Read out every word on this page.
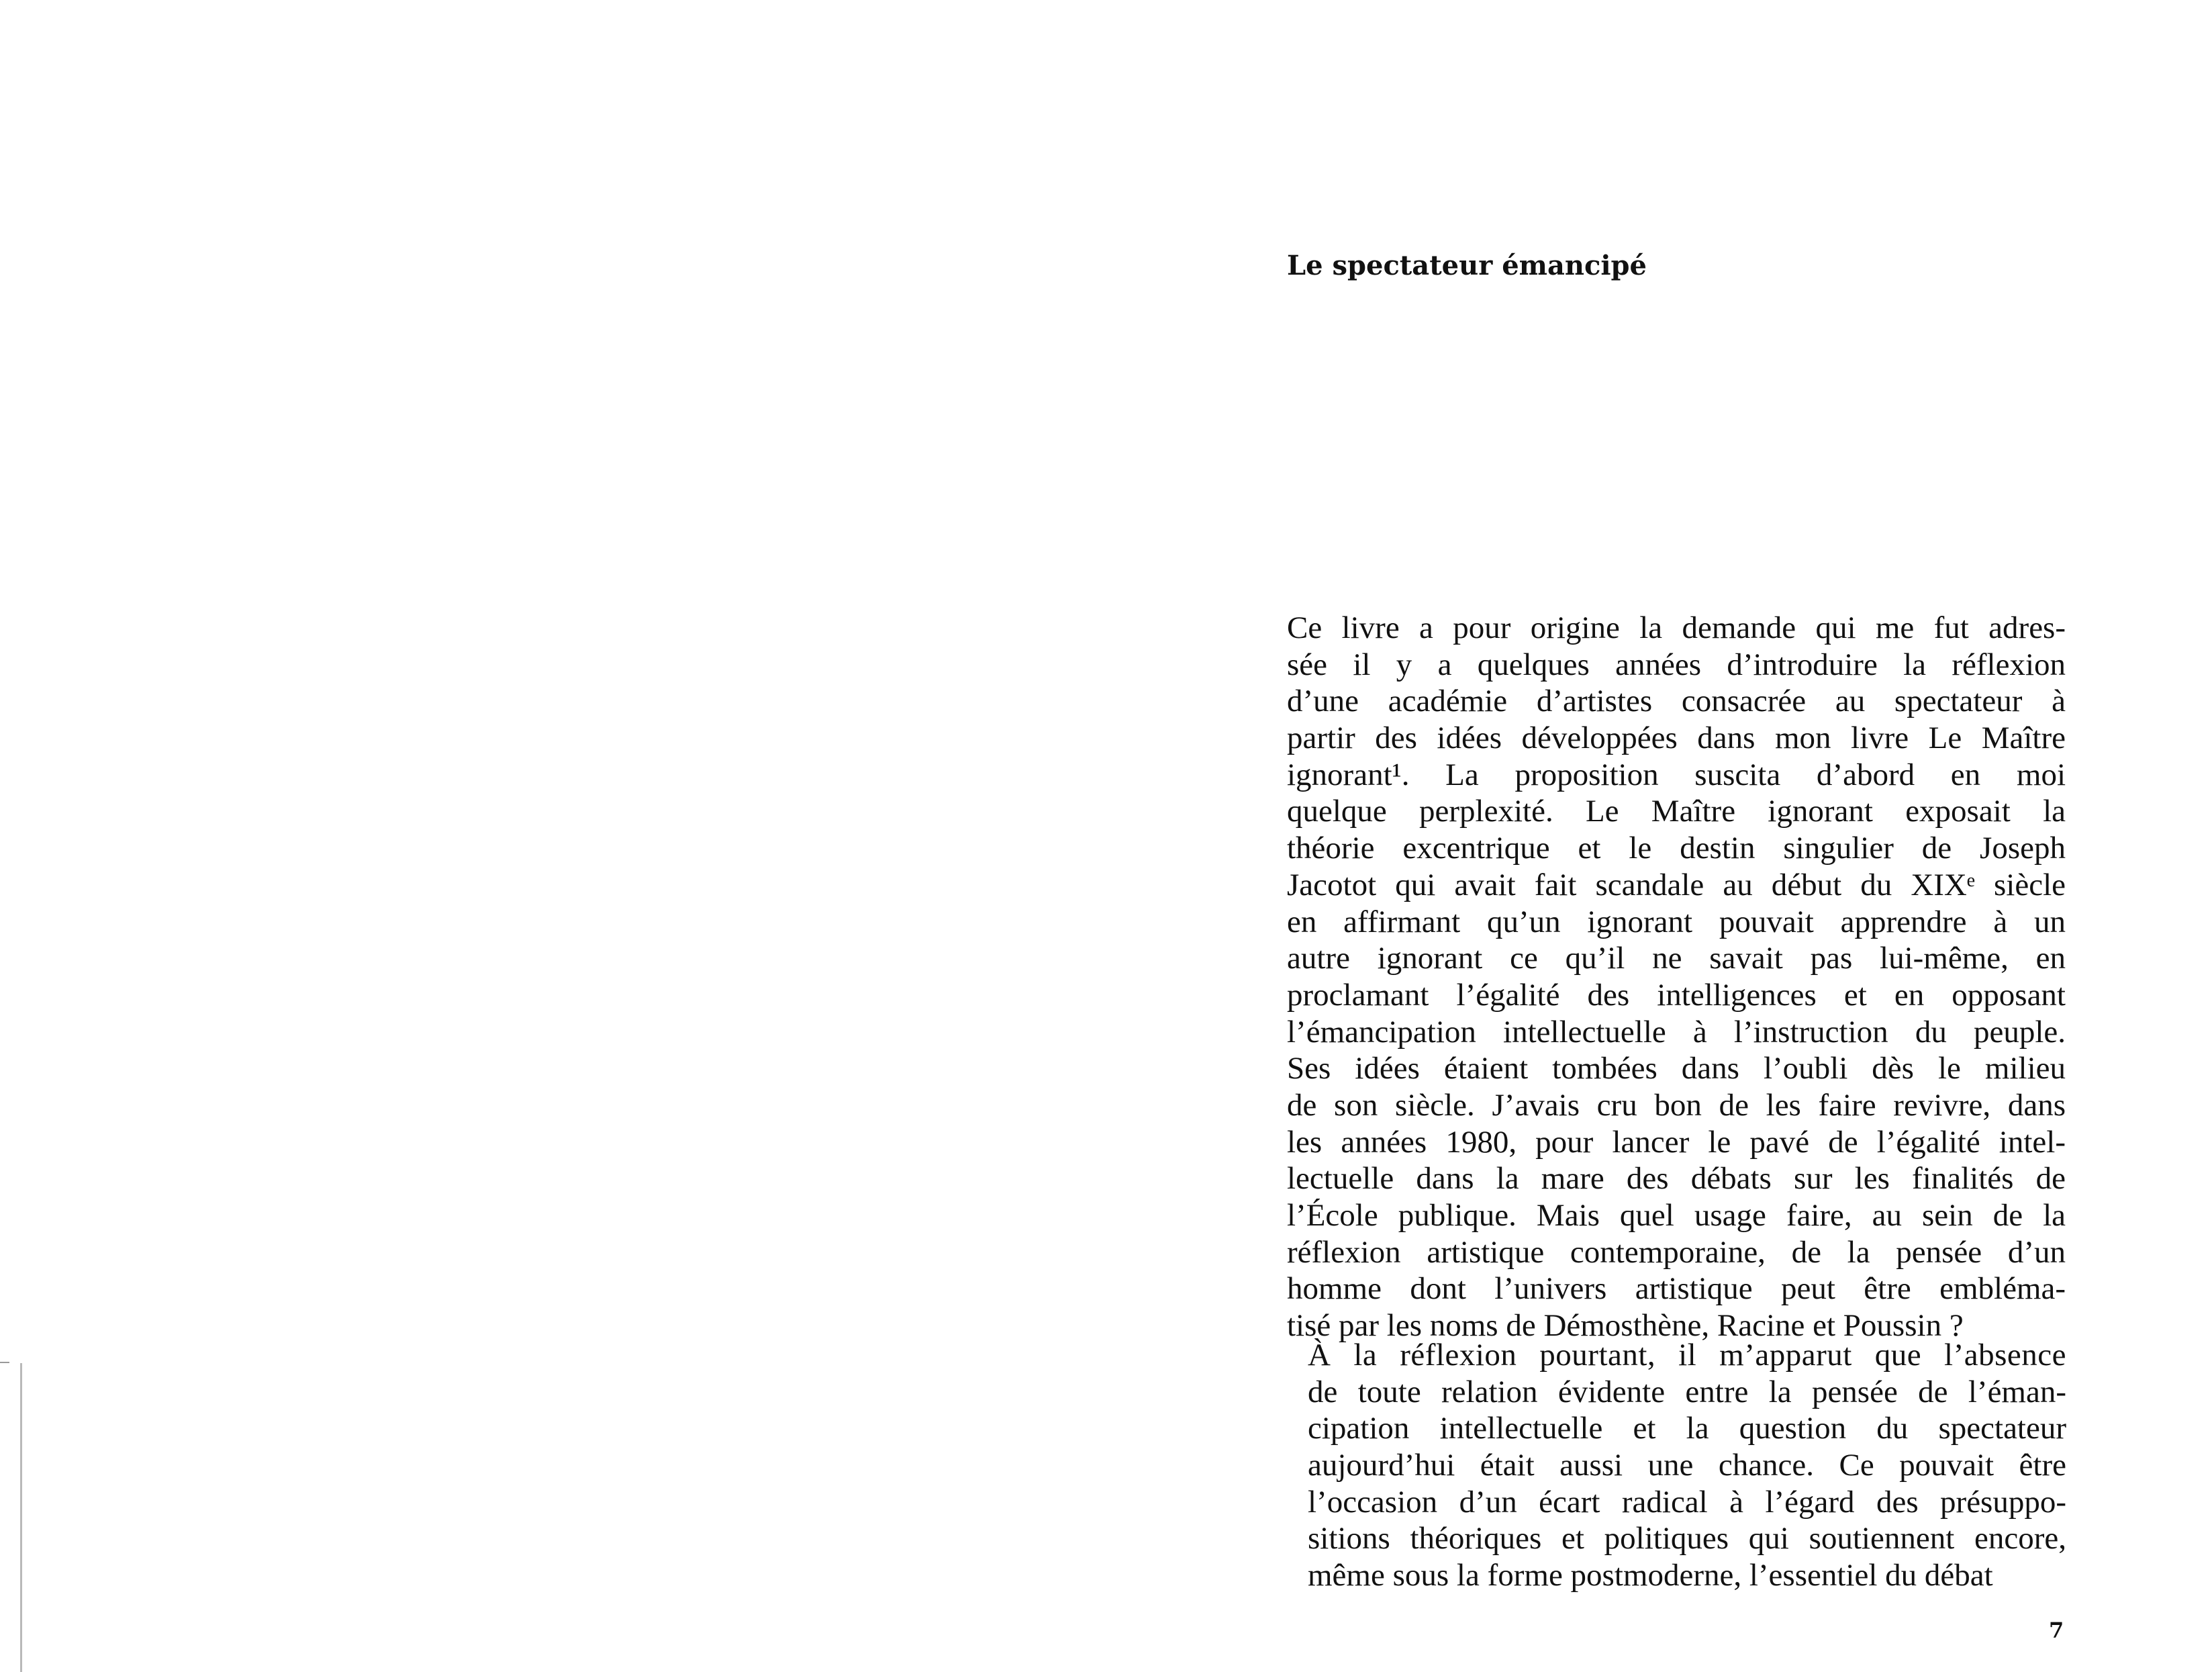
Le spectateur émancipé
Ce livre a pour origine la demande qui me fut adres-
sée il y a quelques années d’introduire la réflexion
d’une académie d’artistes consacrée au spectateur à
partir des idées développées dans mon livre Le Maître
ignorant¹. La proposition suscita d’abord en moi
quelque perplexité. Le Maître ignorant exposait la
théorie excentrique et le destin singulier de Joseph
Jacotot qui avait fait scandale au début du XIXᵉ siècle
en affirmant qu’un ignorant pouvait apprendre à un
autre ignorant ce qu’il ne savait pas lui-même, en
proclamant l’égalité des intelligences et en opposant
l’émancipation intellectuelle à l’instruction du peuple.
Ses idées étaient tombées dans l’oubli dès le milieu
de son siècle. J’avais cru bon de les faire revivre, dans
les années 1980, pour lancer le pavé de l’égalité intel-
lectuelle dans la mare des débats sur les finalités de
l’École publique. Mais quel usage faire, au sein de la
réflexion artistique contemporaine, de la pensée d’un
homme dont l’univers artistique peut être embléma-
tisé par les noms de Démosthène, Racine et Poussin ?
À la réflexion pourtant, il m’apparut que l’absence
de toute relation évidente entre la pensée de l’éman-
cipation intellectuelle et la question du spectateur
aujourd’hui était aussi une chance. Ce pouvait être
l’occasion d’un écart radical à l’égard des présuppo-
sitions théoriques et politiques qui soutiennent encore,
même sous la forme postmoderne, l’essentiel du débat

7
